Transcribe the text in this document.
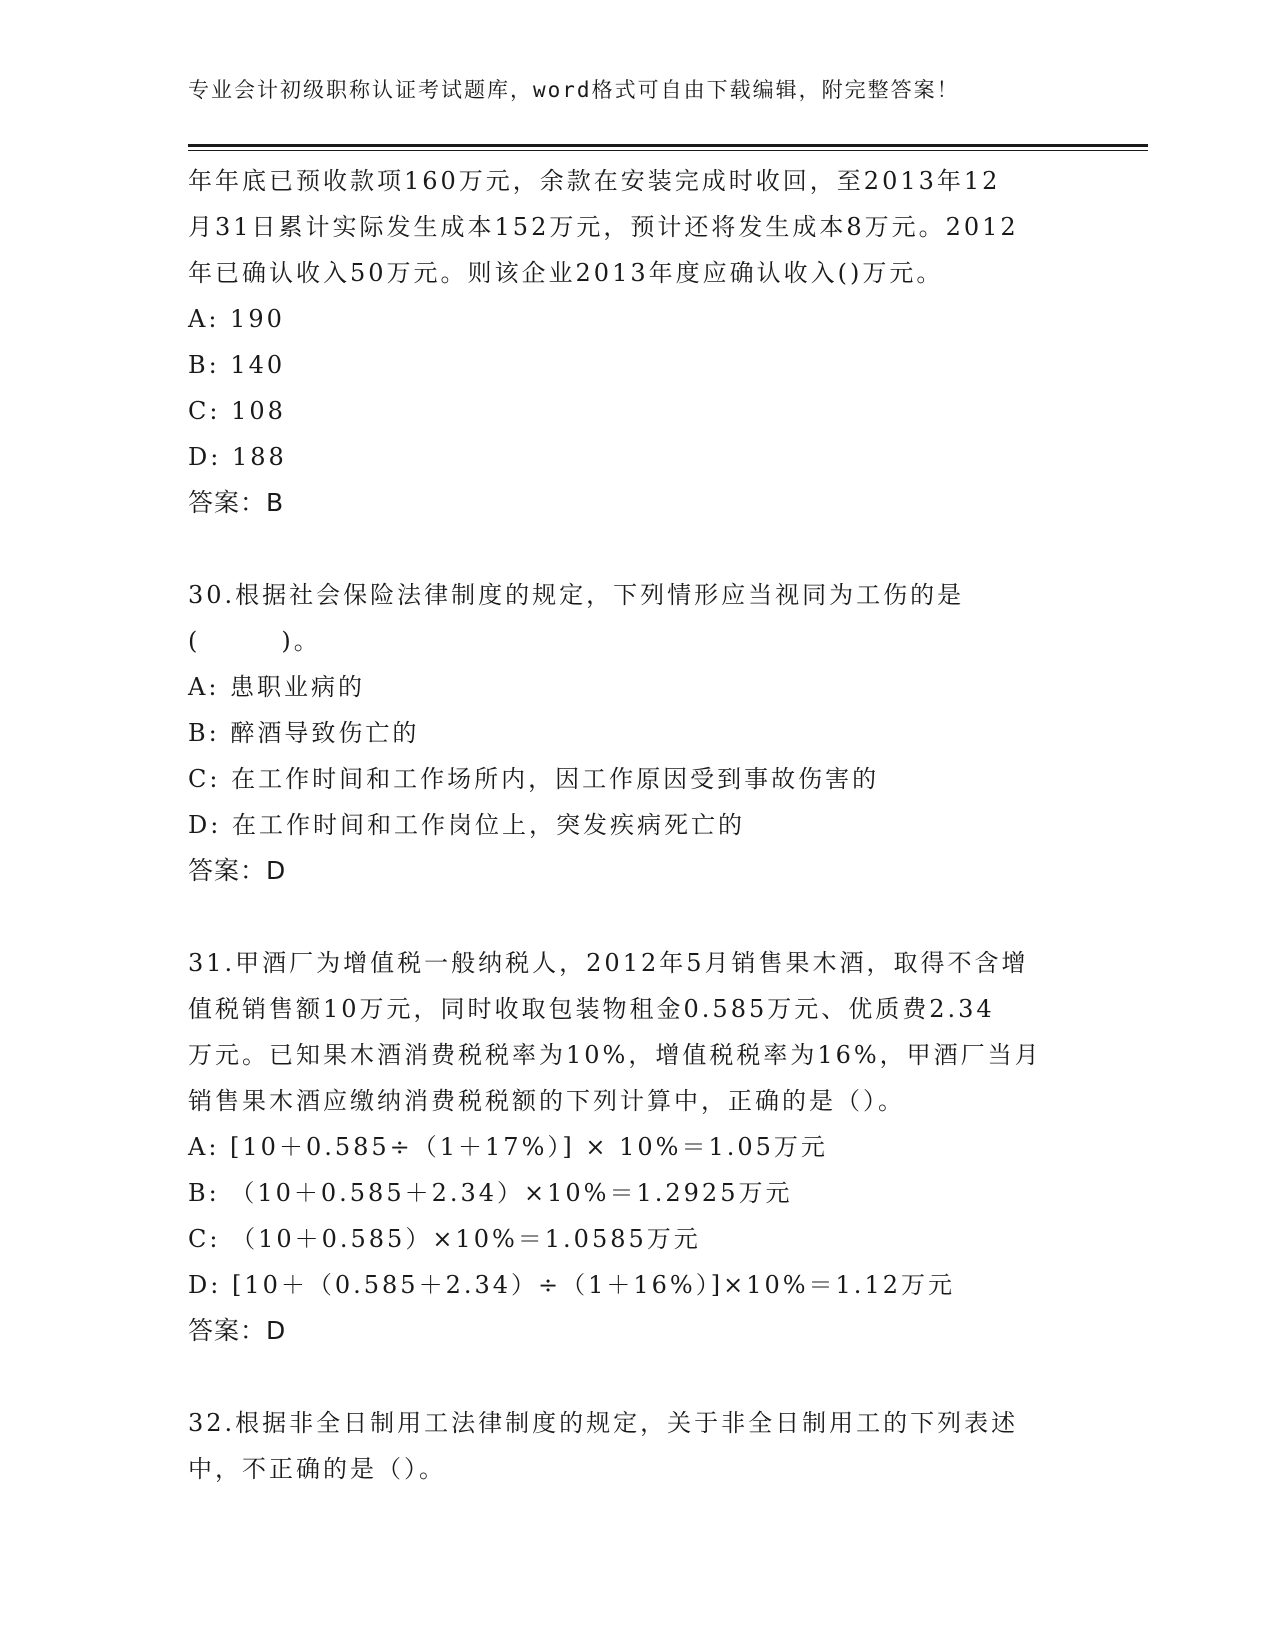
专业会计初级职称认证考试题库，word格式可自由下载编辑，附完整答案！
年年底已预收款项160万元，余款在安装完成时收回，至2013年12
月31日累计实际发生成本152万元，预计还将发生成本8万元。2012
年已确认收入50万元。则该企业2013年度应确认收入()万元。
A: 190
B: 140
C: 108
D: 188
答案：B
30.根据社会保险法律制度的规定，下列情形应当视同为工伤的是
(　　　)。
A: 患职业病的
B: 醉酒导致伤亡的
C: 在工作时间和工作场所内，因工作原因受到事故伤害的
D: 在工作时间和工作岗位上，突发疾病死亡的
答案：D
31.甲酒厂为增值税一般纳税人，2012年5月销售果木酒，取得不含增
值税销售额10万元，同时收取包装物租金0.585万元、优质费2.34
万元。已知果木酒消费税税率为10%，增值税税率为16%，甲酒厂当月
销售果木酒应缴纳消费税税额的下列计算中，正确的是（）。
A: [10＋0.585÷（1＋17%）] × 10%＝1.05万元
B: （10＋0.585＋2.34）×10%＝1.2925万元
C: （10＋0.585）×10%＝1.0585万元
D: [10＋（0.585＋2.34）÷（1＋16%）]×10%＝1.12万元
答案：D
32.根据非全日制用工法律制度的规定，关于非全日制用工的下列表述
中，不正确的是（）。
